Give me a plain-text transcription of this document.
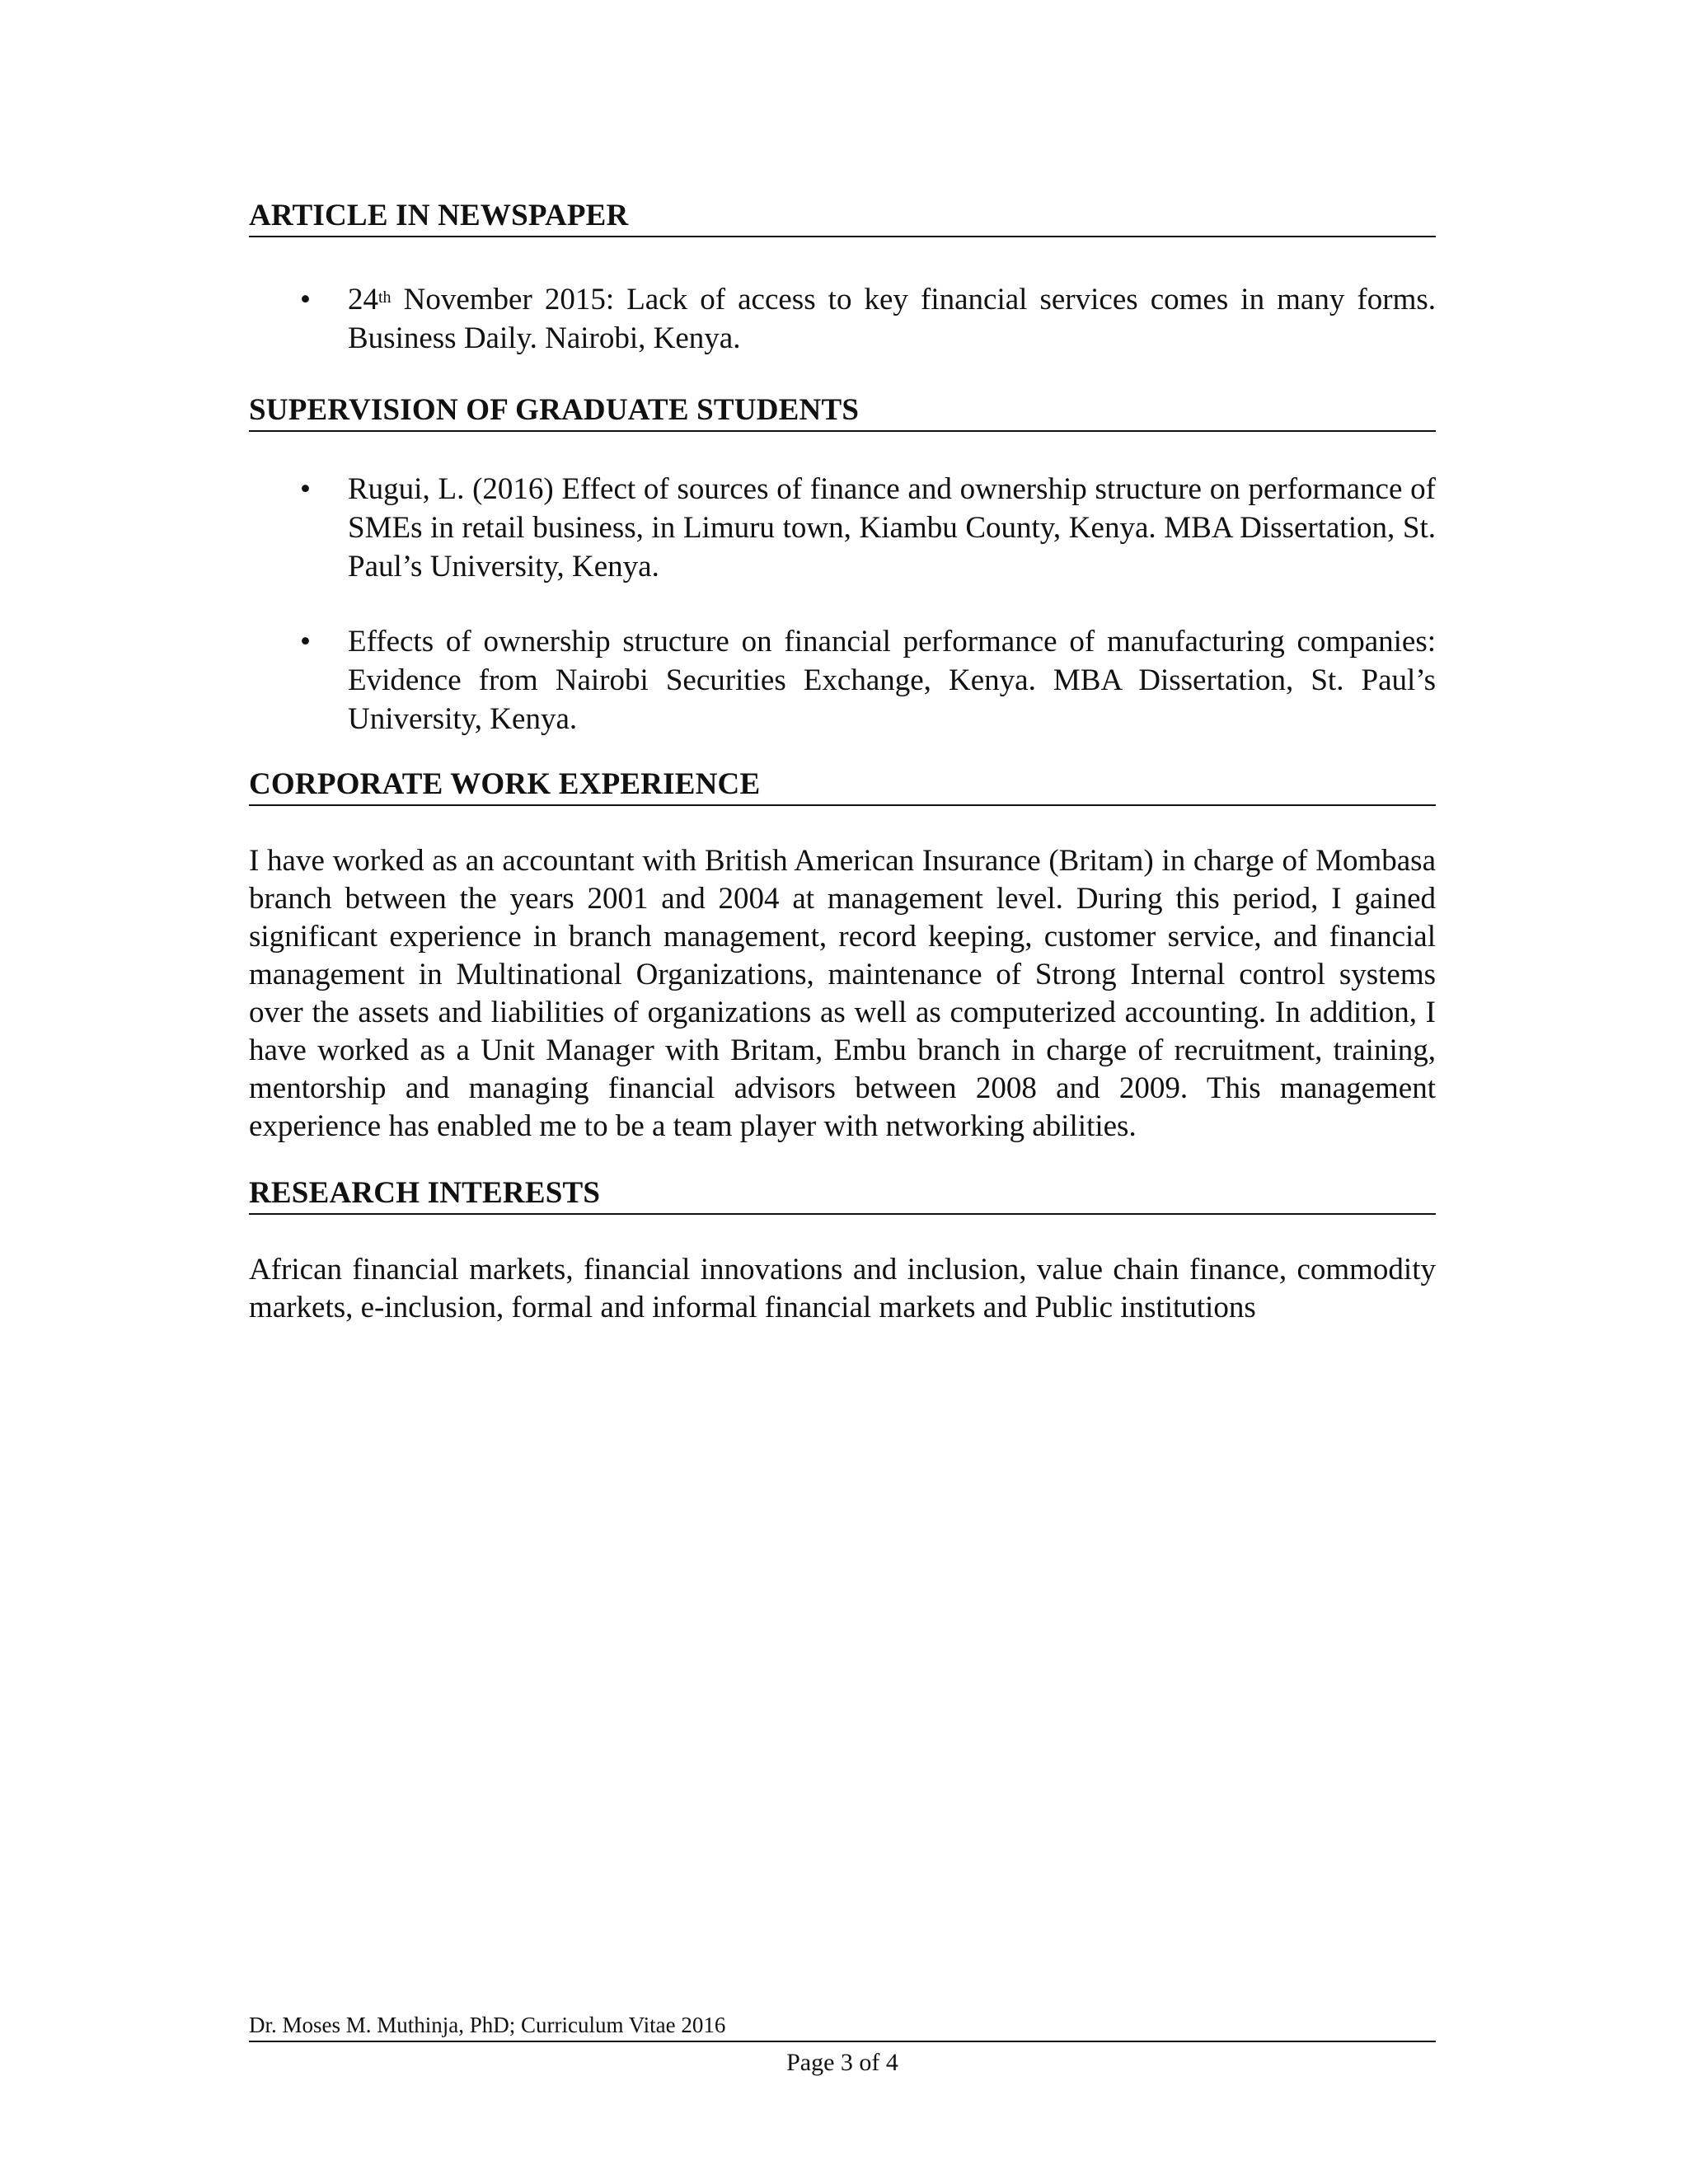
ARTICLE IN NEWSPAPER
• 24th November 2015: Lack of access to key financial services comes in many forms. Business Daily. Nairobi, Kenya.
SUPERVISION OF GRADUATE STUDENTS
• Rugui, L. (2016) Effect of sources of finance and ownership structure on performance of SMEs in retail business, in Limuru town, Kiambu County, Kenya. MBA Dissertation, St. Paul’s University, Kenya.
• Effects of ownership structure on financial performance of manufacturing companies: Evidence from Nairobi Securities Exchange, Kenya. MBA Dissertation, St. Paul’s University, Kenya.
CORPORATE WORK EXPERIENCE

I have worked as an accountant with British American Insurance (Britam) in charge of Mombasa branch between the years 2001 and 2004 at management level. During this period, I gained significant experience in branch management, record keeping, customer service, and financial management in Multinational Organizations, maintenance of Strong Internal control systems over the assets and liabilities of organizations as well as computerized accounting. In addition, I have worked as a Unit Manager with Britam, Embu branch in charge of recruitment, training, mentorship and managing financial advisors between 2008 and 2009. This management experience has enabled me to be a team player with networking abilities.

RESEARCH INTERESTS

African financial markets, financial innovations and inclusion, value chain finance, commodity markets, e-inclusion, formal and informal financial markets and Public institutions

Dr. Moses M. Muthinja, PhD; Curriculum Vitae 2016
Page 3 of 4
